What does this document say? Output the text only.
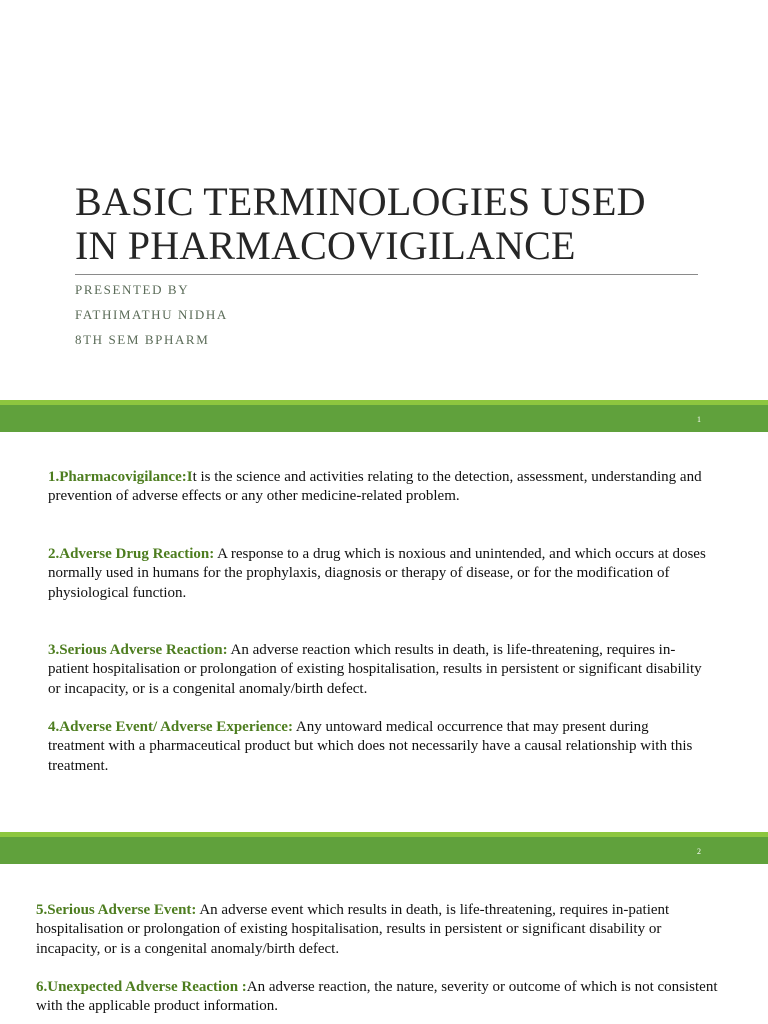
BASIC TERMINOLOGIES USED
IN PHARMACOVIGILANCE
PRESENTED BY
FATHIMATHU NIDHA
8TH SEM BPHARM
1
1.Pharmacovigilance:It is the science and activities relating to the detection, assessment, understanding and prevention of adverse effects or any other medicine-related problem.
2.Adverse Drug Reaction: A response to a drug which is noxious and unintended, and which occurs at doses normally used in humans for the prophylaxis, diagnosis or therapy of disease, or for the modification of physiological function.
3.Serious Adverse Reaction: An adverse reaction which results in death, is life-threatening, requires in-patient hospitalisation or prolongation of existing hospitalisation, results in persistent or significant disability or incapacity, or is a congenital anomaly/birth defect.
4.Adverse Event/ Adverse Experience: Any untoward medical occurrence that may present during treatment with a pharmaceutical product but which does not necessarily have a causal relationship with this treatment.
2
5.Serious Adverse Event: An adverse event which results in death, is life-threatening, requires in-patient hospitalisation or prolongation of existing hospitalisation, results in persistent or significant disability or incapacity, or is a congenital anomaly/birth defect.
6.Unexpected Adverse Reaction :An adverse reaction, the nature, severity or outcome of which is not consistent with the applicable product information.
